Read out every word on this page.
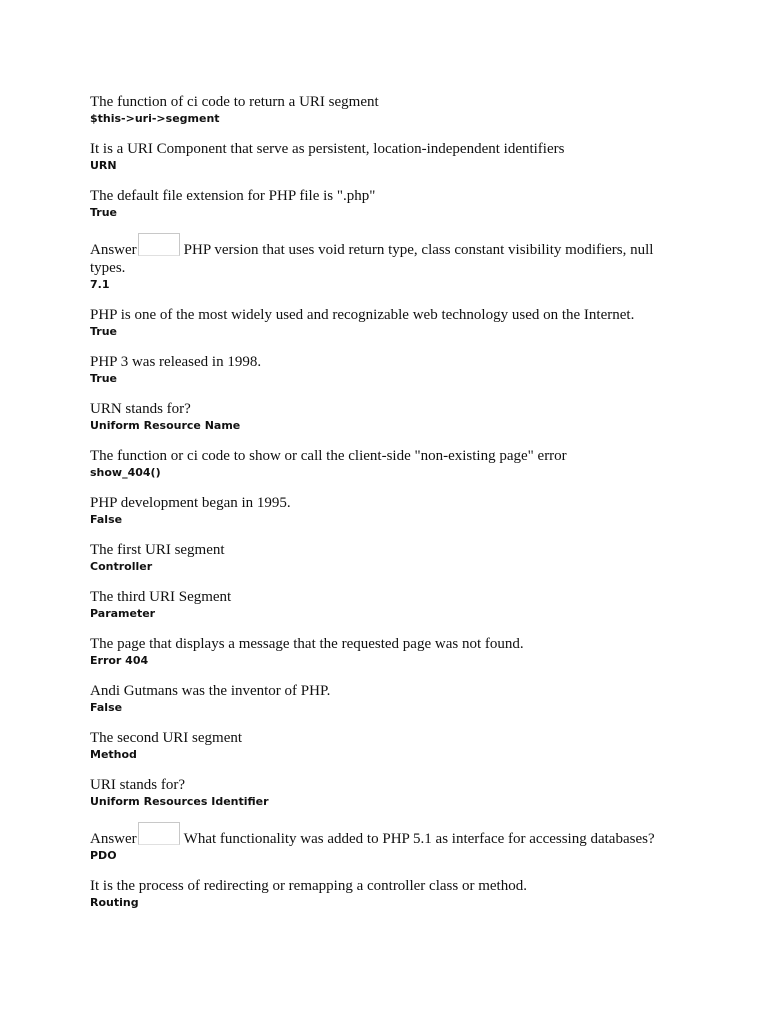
The function of ci code to return a URI segment

$this->uri->segment

It is a URI Component that serve as persistent, location-independent identifiers

URN

The default file extension for PHP file is ".php"

True

Answer	PHP version that uses void return type, class constant visibility modifiers, null types.

7.1

PHP is one of the most widely used and recognizable web technology used on the Internet.

True

PHP 3 was released in 1998.

True

URN stands for?

Uniform Resource Name

The function or ci code to show or call the client-side "non-existing page" error

show_404()

PHP development began in 1995.

False

The first URI segment

Controller

The third URI Segment

Parameter

The page that displays a message that the requested page was not found.

Error 404

Andi Gutmans was the inventor of PHP.

False

The second URI segment

Method

URI stands for?

Uniform Resources Identifier

Answer	What functionality was added to PHP 5.1 as interface for accessing databases?

PDO

It is the process of redirecting or remapping a controller class or method.

Routing
